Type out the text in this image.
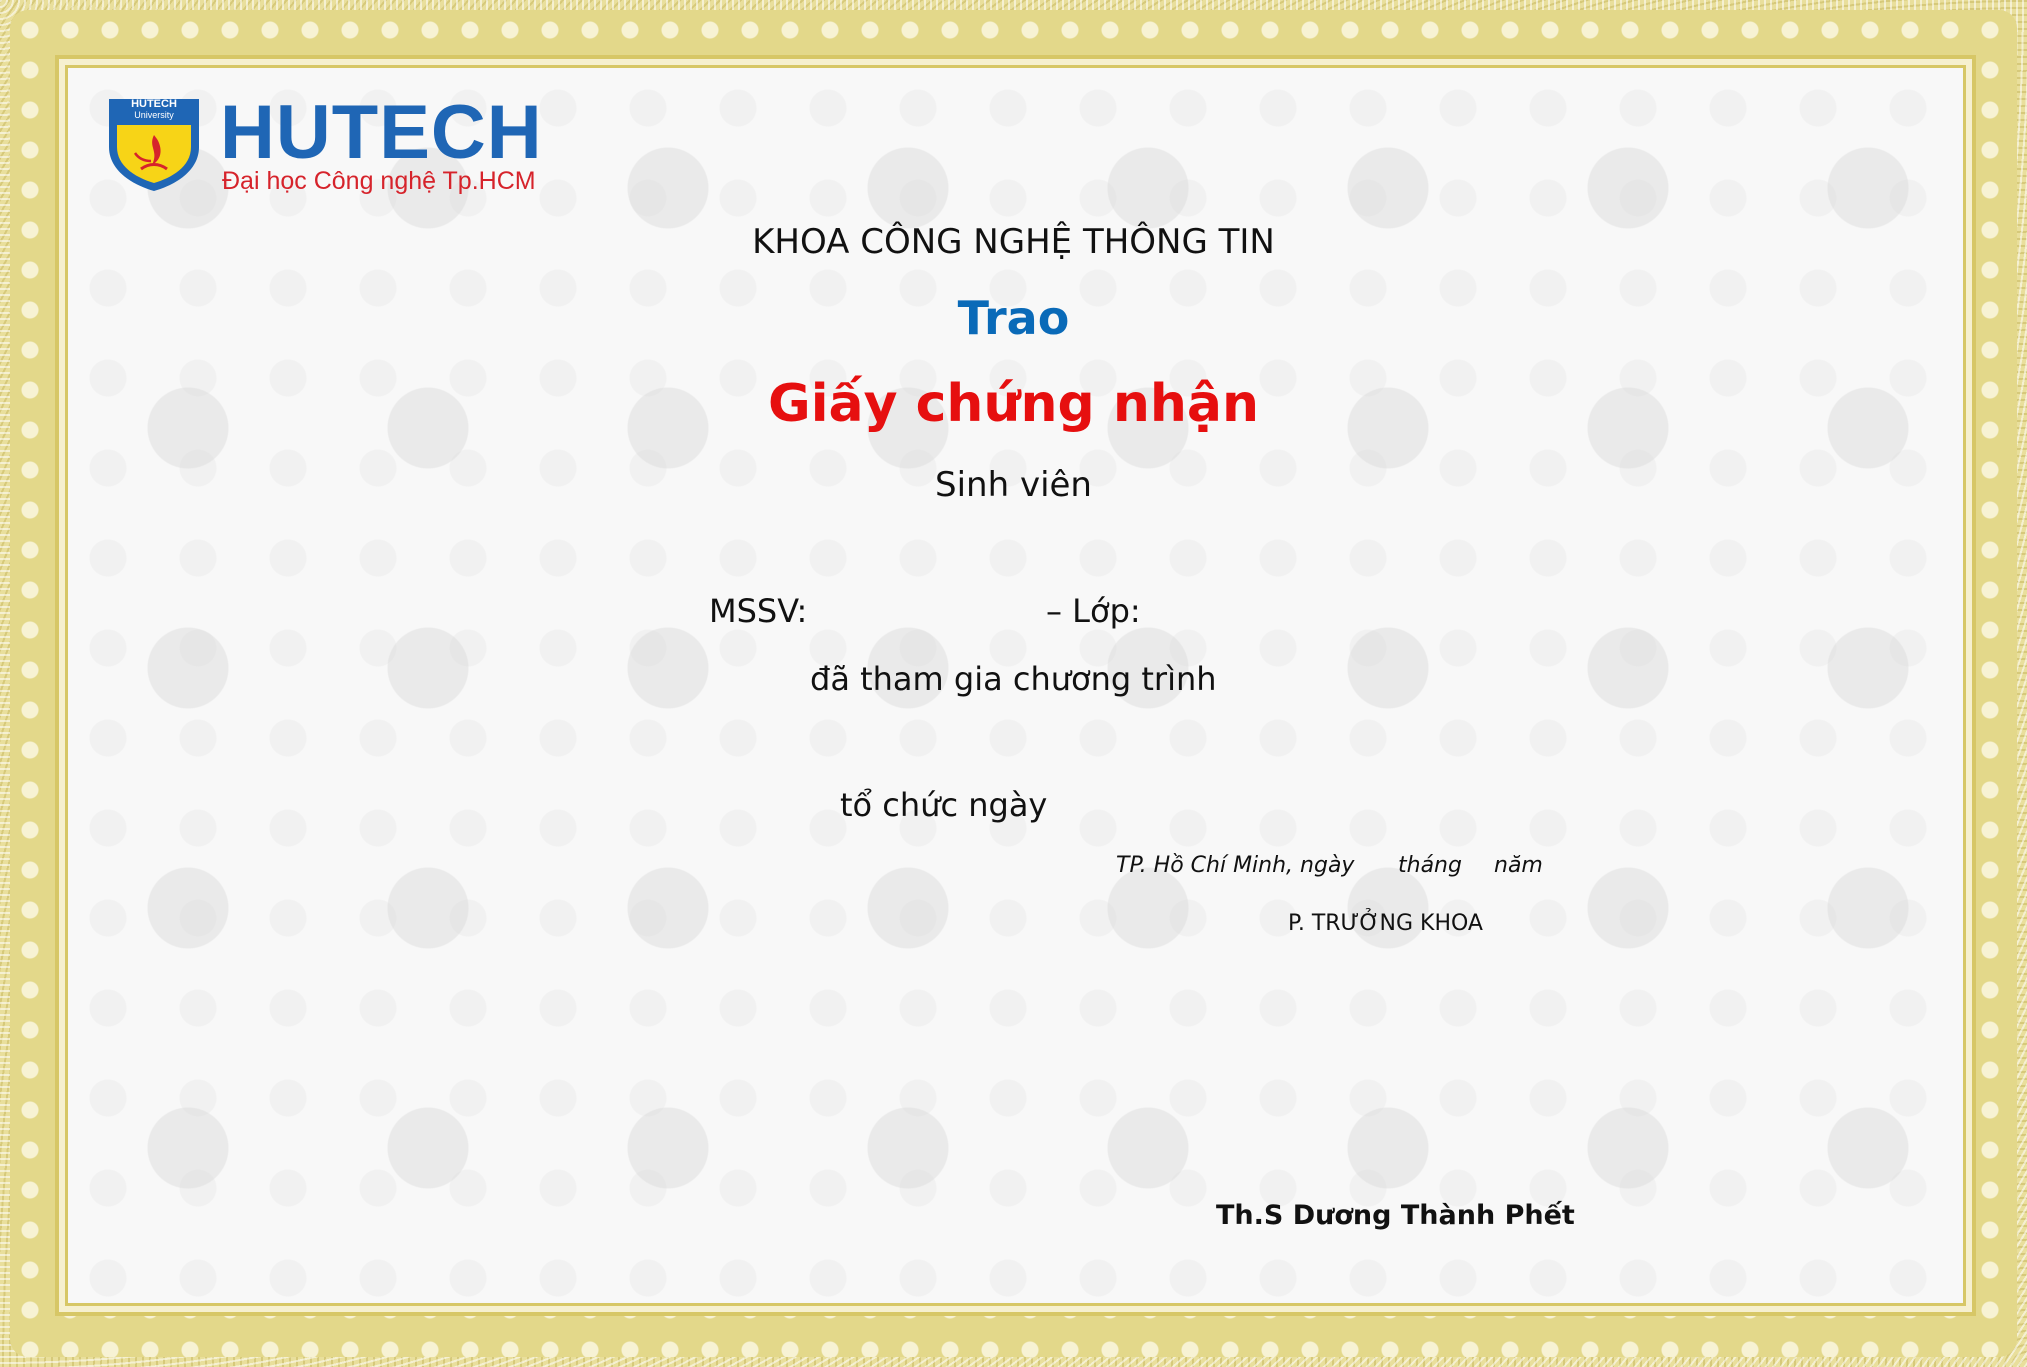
HUTECH
University HUTECH
Đại học Công nghệ Tp.HCM
KHOA CÔNG NGHỆ THÔNG TIN
Trao
Giấy chứng nhận
Sinh viên
MSSV:	– Lớp:
đã tham gia chương trình
tổ chức ngày
TP. Hồ Chí Minh, ngày tháng năm
P. TRƯỞNG KHOA
Th.S Dương Thành Phết
